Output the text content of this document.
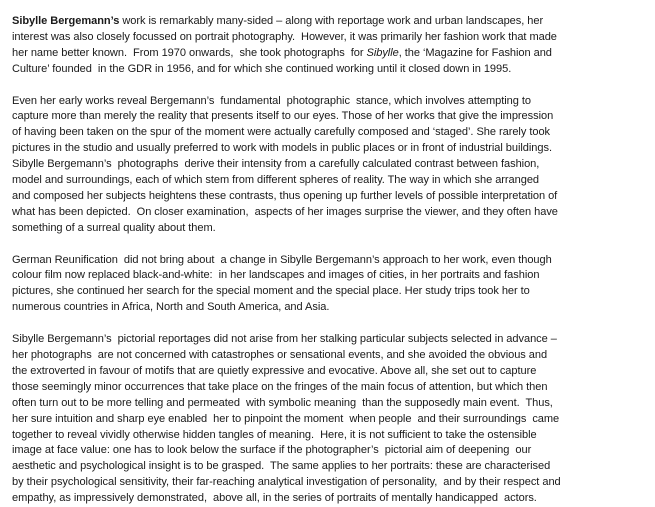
Sibylle Bergemann’s work is remarkably many-sided – along with reportage work and urban landscapes, her
interest was also closely focussed on portrait photography.  However, it was primarily her fashion work that made
her name better known.  From 1970 onwards,  she took photographs  for Sibylle, the ‘Magazine for Fashion and
Culture’ founded  in the GDR in 1956, and for which she continued working until it closed down in 1995.

Even her early works reveal Bergemann’s  fundamental  photographic  stance, which involves attempting to
capture more than merely the reality that presents itself to our eyes. Those of her works that give the impression
of having been taken on the spur of the moment were actually carefully composed and ‘staged’. She rarely took
pictures in the studio and usually preferred to work with models in public places or in front of industrial buildings.
Sibylle Bergemann’s  photographs  derive their intensity from a carefully calculated contrast between fashion,
model and surroundings, each of which stem from different spheres of reality. The way in which she arranged
and composed her subjects heightens these contrasts, thus opening up further levels of possible interpretation of
what has been depicted.  On closer examination,  aspects of her images surprise the viewer, and they often have
something of a surreal quality about them.

German Reunification  did not bring about  a change in Sibylle Bergemann’s approach to her work, even though
colour film now replaced black-and-white:  in her landscapes and images of cities, in her portraits and fashion
pictures, she continued her search for the special moment and the special place. Her study trips took her to
numerous countries in Africa, North and South America, and Asia.

Sibylle Bergemann’s  pictorial reportages did not arise from her stalking particular subjects selected in advance –
her photographs  are not concerned with catastrophes or sensational events, and she avoided the obvious and
the extroverted in favour of motifs that are quietly expressive and evocative. Above all, she set out to capture
those seemingly minor occurrences that take place on the fringes of the main focus of attention, but which then
often turn out to be more telling and permeated  with symbolic meaning  than the supposedly main event.  Thus,
her sure intuition and sharp eye enabled  her to pinpoint the moment  when people  and their surroundings  came
together to reveal vividly otherwise hidden tangles of meaning.  Here, it is not sufficient to take the ostensible
image at face value: one has to look below the surface if the photographer’s  pictorial aim of deepening  our
aesthetic and psychological insight is to be grasped.  The same applies to her portraits: these are characterised
by their psychological sensitivity, their far-reaching analytical investigation of personality,  and by their respect and
empathy, as impressively demonstrated,  above all, in the series of portraits of mentally handicapped  actors.
